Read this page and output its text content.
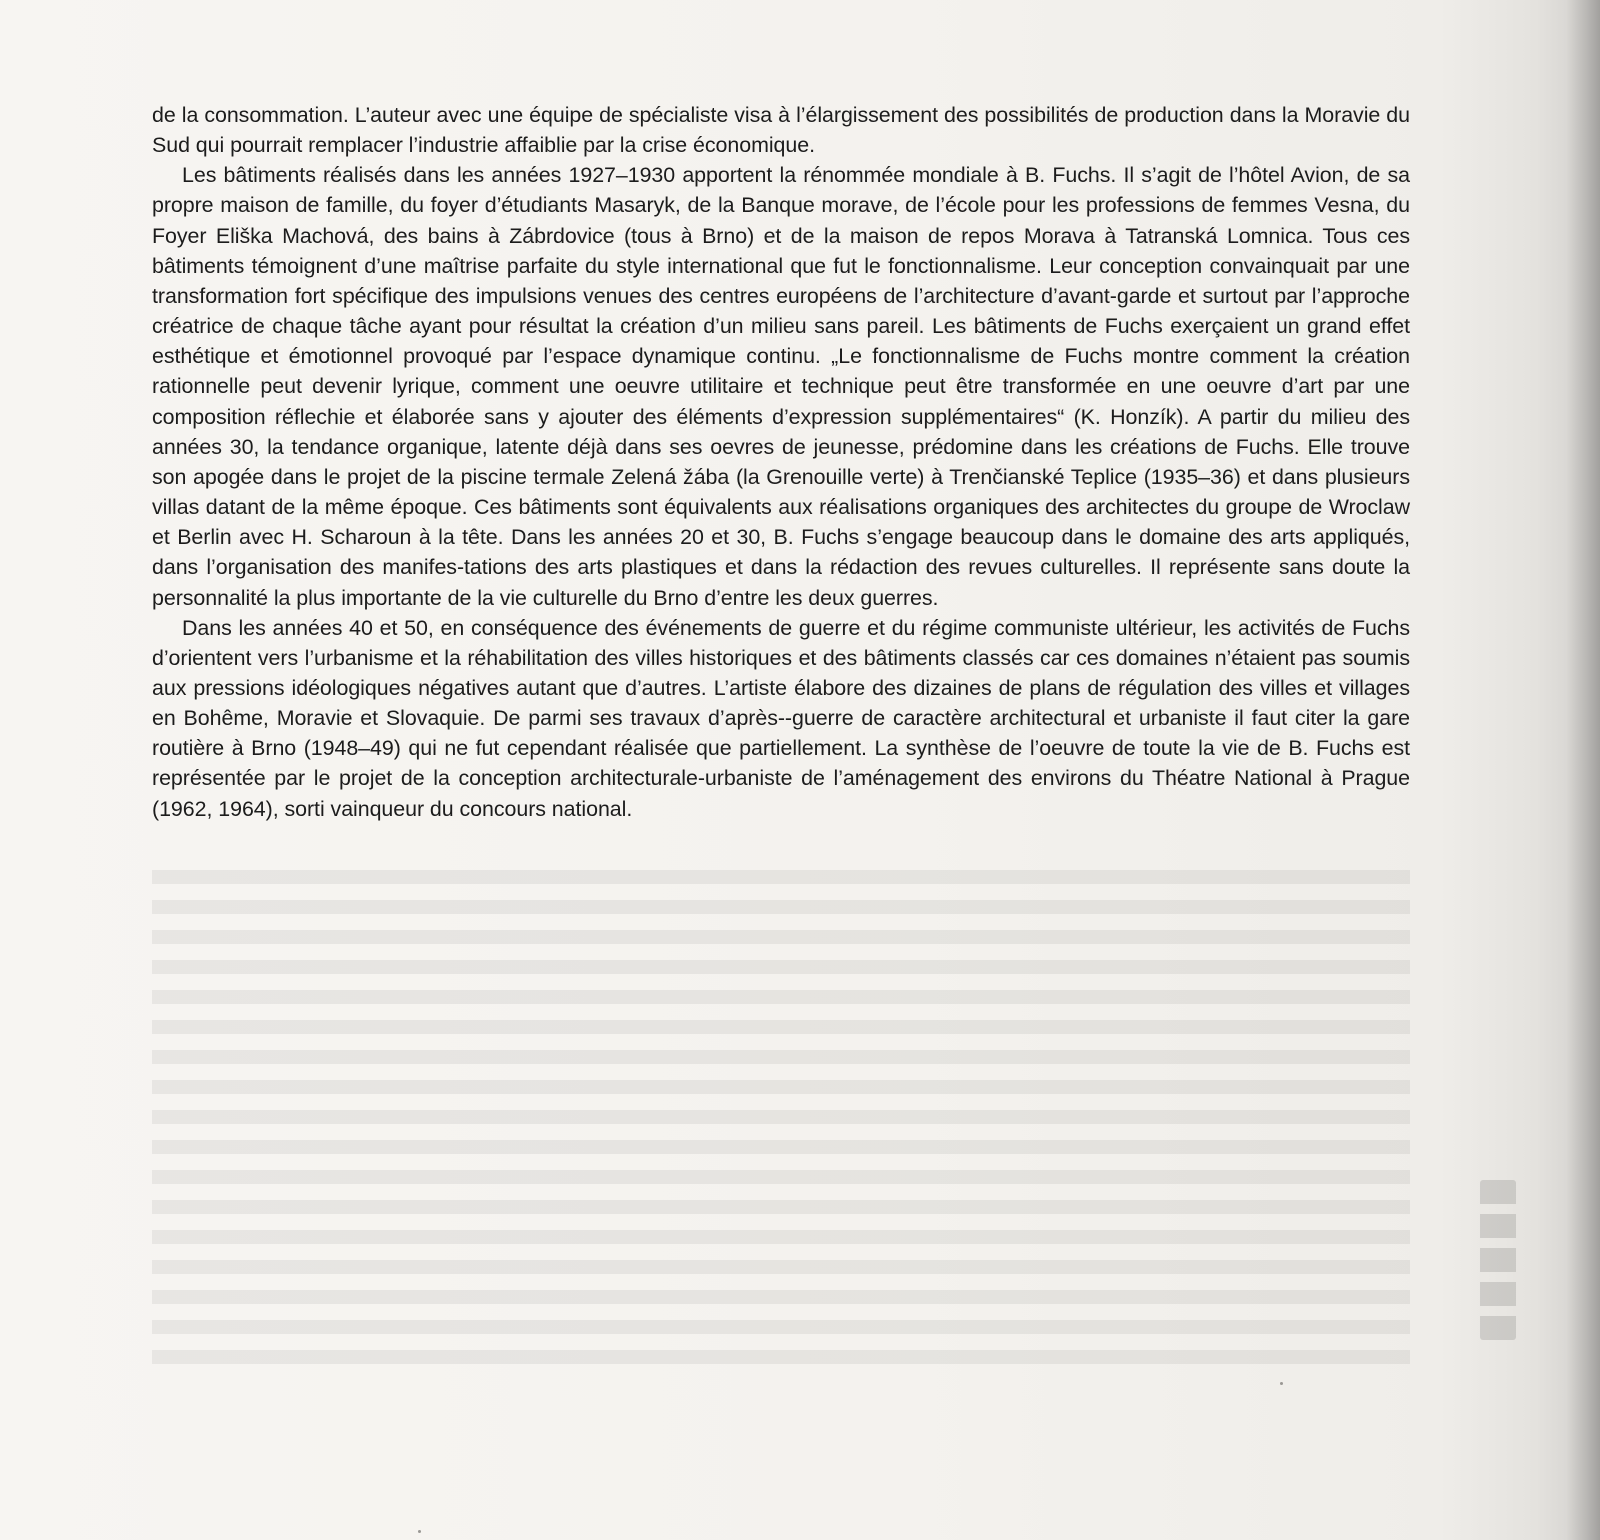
de la consommation. L’auteur avec une équipe de spécialiste visa à l’élargissement des possibilités de production dans la Moravie du Sud qui pourrait remplacer l’industrie affaiblie par la crise économique.

Les bâtiments réalisés dans les années 1927–1930 apportent la rénommée mondiale à B. Fuchs. Il s’agit de l’hôtel Avion, de sa propre maison de famille, du foyer d’étudiants Masaryk, de la Banque morave, de l’école pour les professions de femmes Vesna, du Foyer Eliška Machová, des bains à Zábrdovice (tous à Brno) et de la maison de repos Morava à Tatranská Lomnica. Tous ces bâtiments témoignent d’une maîtrise parfaite du style international que fut le fonctionnalisme. Leur conception convainquait par une transformation fort spécifique des impulsions venues des centres européens de l’architecture d’avant-garde et surtout par l’approche créatrice de chaque tâche ayant pour résultat la création d’un milieu sans pareil. Les bâtiments de Fuchs exerçaient un grand effet esthétique et émotionnel provoqué par l’espace dynamique continu. „Le fonctionnalisme de Fuchs montre comment la création rationnelle peut devenir lyrique, comment une oeuvre utilitaire et technique peut être transformée en une oeuvre d’art par une composition réflechie et élaborée sans y ajouter des éléments d’expression supplémentaires“ (K. Honzík). A partir du milieu des années 30, la tendance organique, latente déjà dans ses oevres de jeunesse, prédomine dans les créations de Fuchs. Elle trouve son apogée dans le projet de la piscine termale Zelená žába (la Grenouille verte) à Trenčianské Teplice (1935–36) et dans plusieurs villas datant de la même époque. Ces bâtiments sont équivalents aux réalisations organiques des architectes du groupe de Wroclaw et Berlin avec H. Scharoun à la tête. Dans les années 20 et 30, B. Fuchs s’engage beaucoup dans le domaine des arts appliqués, dans l’organisation des manifes-tations des arts plastiques et dans la rédaction des revues culturelles. Il représente sans doute la personnalité la plus importante de la vie culturelle du Brno d’entre les deux guerres.

Dans les années 40 et 50, en conséquence des événements de guerre et du régime communiste ultérieur, les activités de Fuchs d’orientent vers l’urbanisme et la réhabilitation des villes historiques et des bâtiments classés car ces domaines n’étaient pas soumis aux pressions idéologiques négatives autant que d’autres. L’artiste élabore des dizaines de plans de régulation des villes et villages en Bohême, Moravie et Slovaquie. De parmi ses travaux d’après--guerre de caractère architectural et urbaniste il faut citer la gare routière à Brno (1948–49) qui ne fut cependant réalisée que partiellement. La synthèse de l’oeuvre de toute la vie de B. Fuchs est représentée par le projet de la conception architecturale-urbaniste de l’aménagement des environs du Théatre National à Prague (1962, 1964), sorti vainqueur du concours national.
